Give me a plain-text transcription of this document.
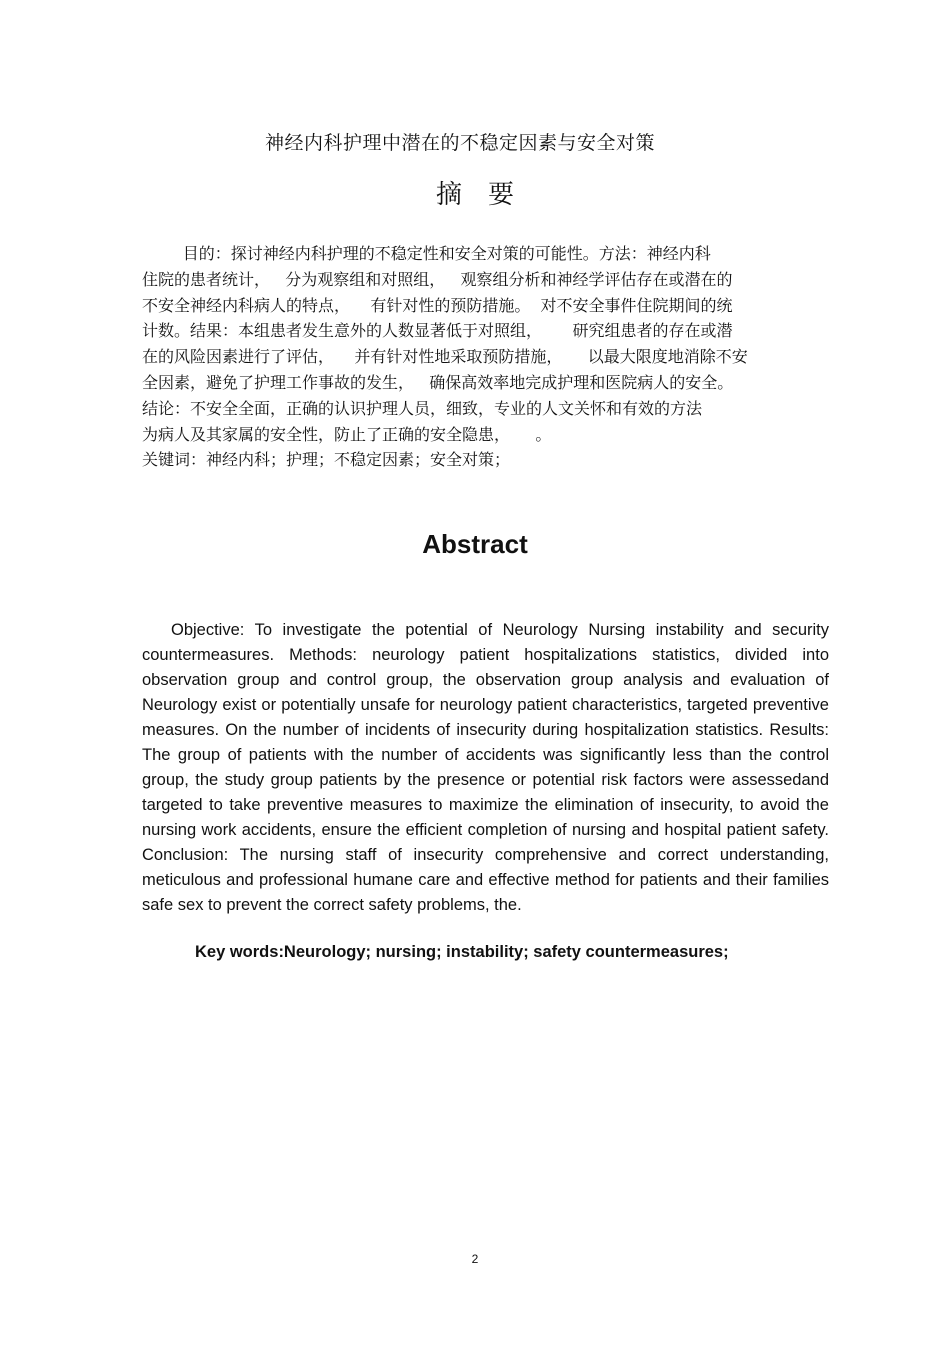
神经内科护理中潜在的不稳定因素与安全对策
摘要
目的：探讨神经内科护理的不稳定性和安全对策的可能性。方法：神经内科
住院的患者统计，   分为观察组和对照组，   观察组分析和神经学评估存在或潜在的
不安全神经内科病人的特点，    有针对性的预防措施。  对不安全事件住院期间的统
计数。结果：本组患者发生意外的人数显著低于对照组，      研究组患者的存在或潜
在的风险因素进行了评估，    并有针对性地采取预防措施，     以最大限度地消除不安
全因素，避免了护理工作事故的发生，   确保高效率地完成护理和医院病人的安全。
结论：不安全全面，正确的认识护理人员，细致，专业的人文关怀和有效的方法
为病人及其家属的安全性，防止了正确的安全隐患，     。
关键词：神经内科；护理；不稳定因素；安全对策；
Abstract

Objective: To investigate the potential of Neurology Nursing instability and security countermeasures. Methods: neurology patient hospitalizations statistics, divided into observation group and control group, the observation group analysis and evaluation of Neurology exist or potentially unsafe for neurology patient characteristics, targeted preventive measures. On the number of incidents of insecurity during hospitalization statistics. Results: The group of patients with the number of accidents was significantly less than the control group, the study group patients by the presence or potential risk factors were assessedand targeted to take preventive measures to maximize the elimination of insecurity, to avoid the nursing work accidents, ensure the efficient completion of nursing and hospital patient safety. Conclusion: The nursing staff of insecurity comprehensive and correct understanding, meticulous and professional humane care and effective method for patients and their families safe sex to prevent the correct safety problems, the.

Key words:Neurology; nursing; instability; safety countermeasures;
2
